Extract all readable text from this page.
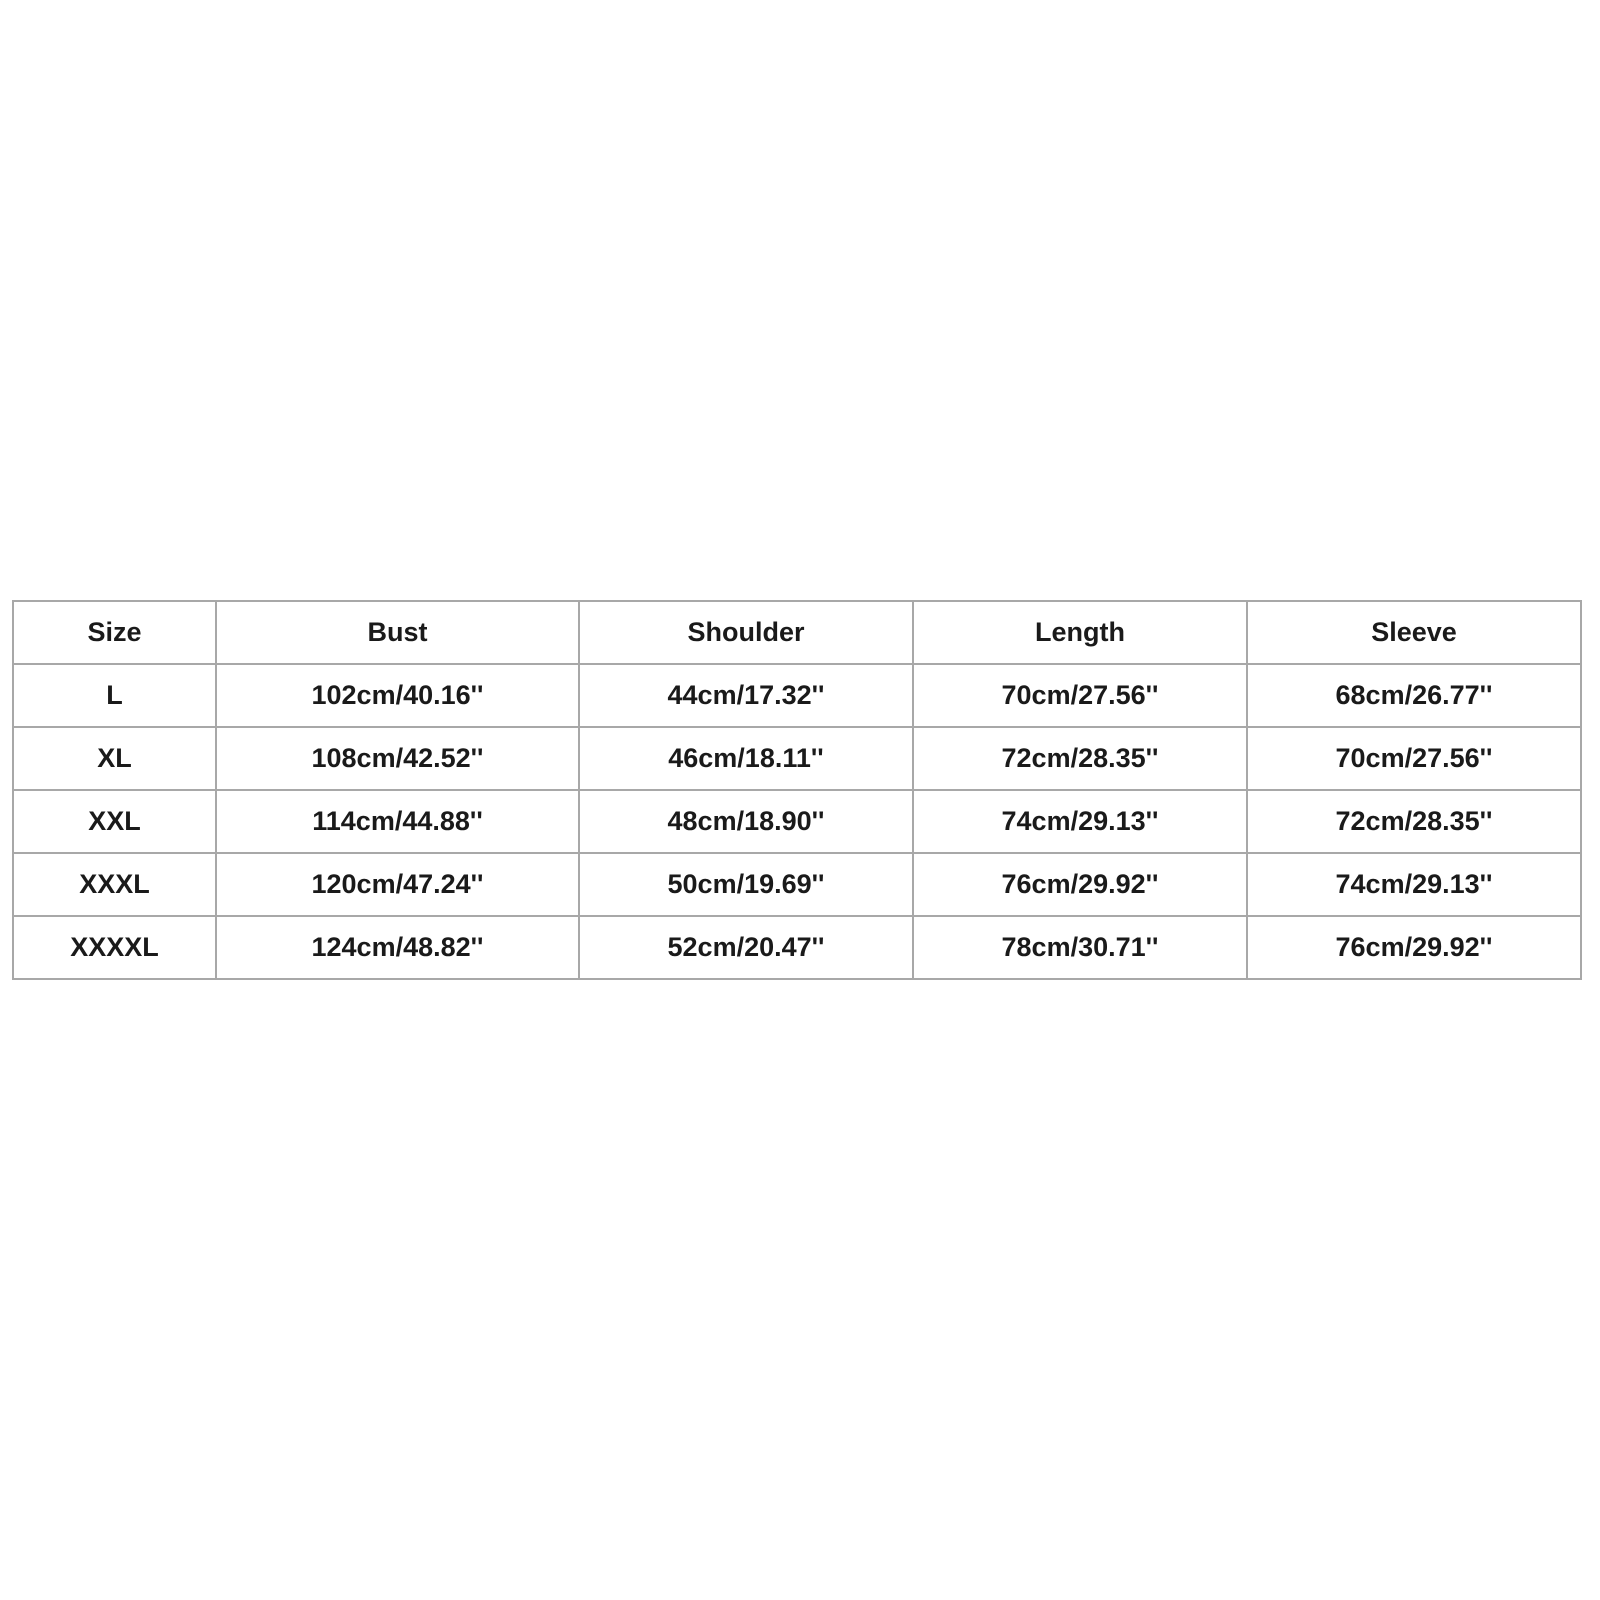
Size	Bust	Shoulder	Length	Sleeve
L	102cm/40.16''	44cm/17.32''	70cm/27.56''	68cm/26.77''
XL	108cm/42.52''	46cm/18.11''	72cm/28.35''	70cm/27.56''
XXL	114cm/44.88''	48cm/18.90''	74cm/29.13''	72cm/28.35''
XXXL	120cm/47.24''	50cm/19.69''	76cm/29.92''	74cm/29.13''
XXXXL	124cm/48.82''	52cm/20.47''	78cm/30.71''	76cm/29.92''
